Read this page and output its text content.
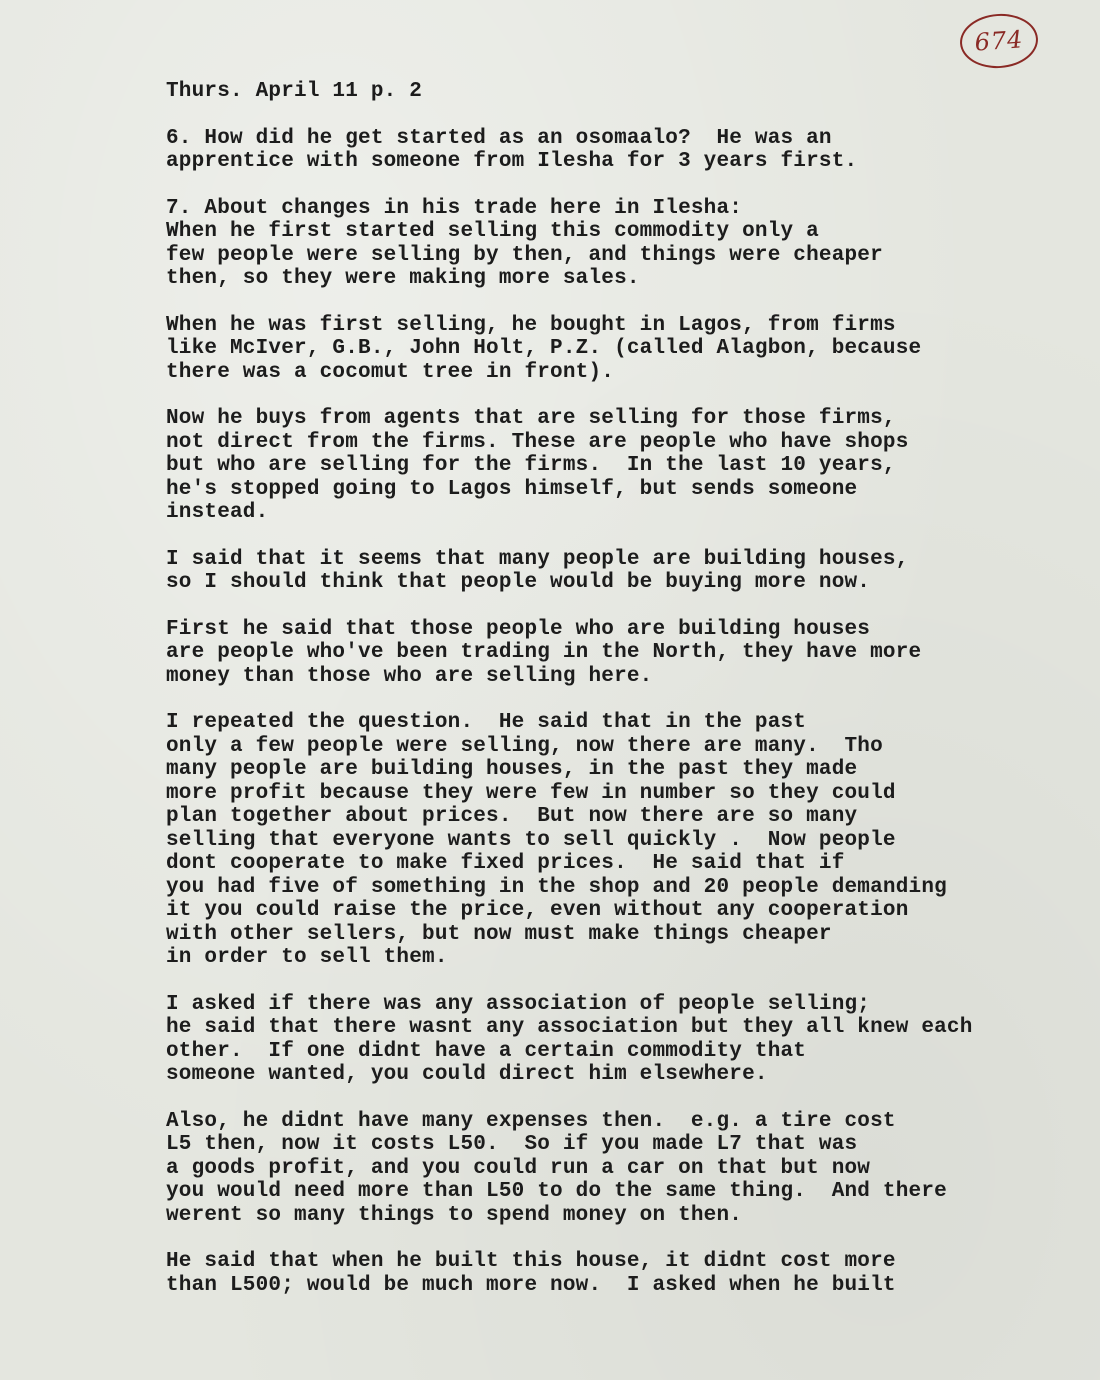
674
Thurs. April 11 p. 2
6. How did he get started as an osomaalo?  He was an
apprentice with someone from Ilesha for 3 years first.
7. About changes in his trade here in Ilesha:
When he first started selling this commodity only a
few people were selling by then, and things were cheaper
then, so they were making more sales.
When he was first selling, he bought in Lagos, from firms
like McIver, G.B., John Holt, P.Z. (called Alagbon, because
there was a cocomut tree in front).
Now he buys from agents that are selling for those firms,
not direct from the firms. These are people who have shops
but who are selling for the firms.  In the last 10 years,
he's stopped going to Lagos himself, but sends someone
instead.
I said that it seems that many people are building houses,
so I should think that people would be buying more now.
First he said that those people who are building houses
are people who've been trading in the North, they have more
money than those who are selling here.
I repeated the question.  He said that in the past
only a few people were selling, now there are many.  Tho
many people are building houses, in the past they made
more profit because they were few in number so they could
plan together about prices.  But now there are so many
selling that everyone wants to sell quickly .  Now people
dont cooperate to make fixed prices.  He said that if
you had five of something in the shop and 20 people demanding
it you could raise the price, even without any cooperation
with other sellers, but now must make things cheaper
in order to sell them.
I asked if there was any association of people selling;
he said that there wasnt any association but they all knew each
other.  If one didnt have a certain commodity that
someone wanted, you could direct him elsewhere.
Also, he didnt have many expenses then.  e.g. a tire cost
L5 then, now it costs L50.  So if you made L7 that was
a goods profit, and you could run a car on that but now
you would need more than L50 to do the same thing.  And there
werent so many things to spend money on then.
He said that when he built this house, it didnt cost more
than L500; would be much more now.  I asked when he built
